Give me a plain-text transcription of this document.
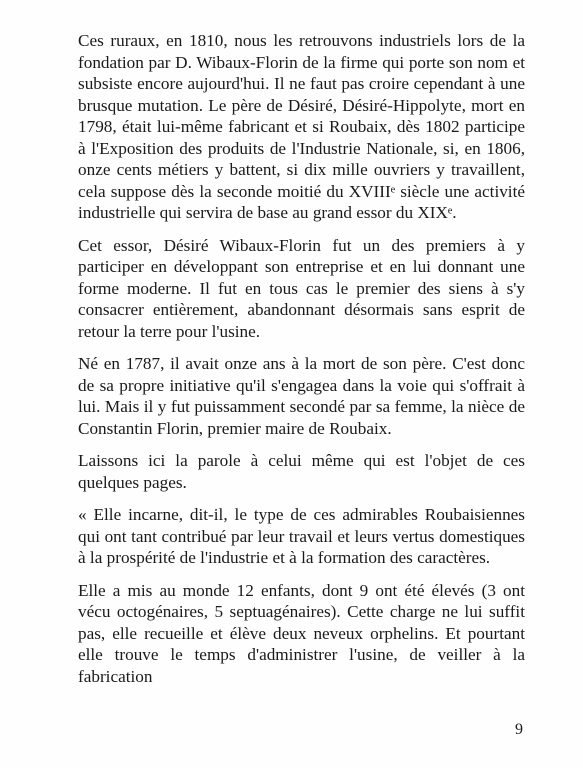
Ces ruraux, en 1810, nous les retrouvons industriels lors de la fondation par D. Wibaux-Florin de la firme qui porte son nom et subsiste encore aujourd'hui. Il ne faut pas croire cependant à une brusque mutation. Le père de Désiré, Désiré-Hippolyte, mort en 1798, était lui-même fabricant et si Roubaix, dès 1802 participe à l'Exposition des produits de l'Industrie Nationale, si, en 1806, onze cents métiers y battent, si dix mille ouvriers y travaillent, cela suppose dès la seconde moitié du XVIIIᵉ siècle une activité industrielle qui servira de base au grand essor du XIXᵉ.

Cet essor, Désiré Wibaux-Florin fut un des premiers à y participer en développant son entreprise et en lui donnant une forme moderne. Il fut en tous cas le premier des siens à s'y consacrer entièrement, abandonnant désormais sans esprit de retour la terre pour l'usine.

Né en 1787, il avait onze ans à la mort de son père. C'est donc de sa propre initiative qu'il s'engagea dans la voie qui s'offrait à lui. Mais il y fut puissamment secondé par sa femme, la nièce de Constantin Florin, premier maire de Roubaix.

Laissons ici la parole à celui même qui est l'objet de ces quelques pages.

« Elle incarne, dit-il, le type de ces admirables Roubaisiennes qui ont tant contribué par leur travail et leurs vertus domestiques à la prospérité de l'industrie et à la formation des caractères.

Elle a mis au monde 12 enfants, dont 9 ont été élevés (3 ont vécu octogénaires, 5 septuagénaires). Cette charge ne lui suffit pas, elle recueille et élève deux neveux orphelins. Et pourtant elle trouve le temps d'administrer l'usine, de veiller à la fabrication

9
